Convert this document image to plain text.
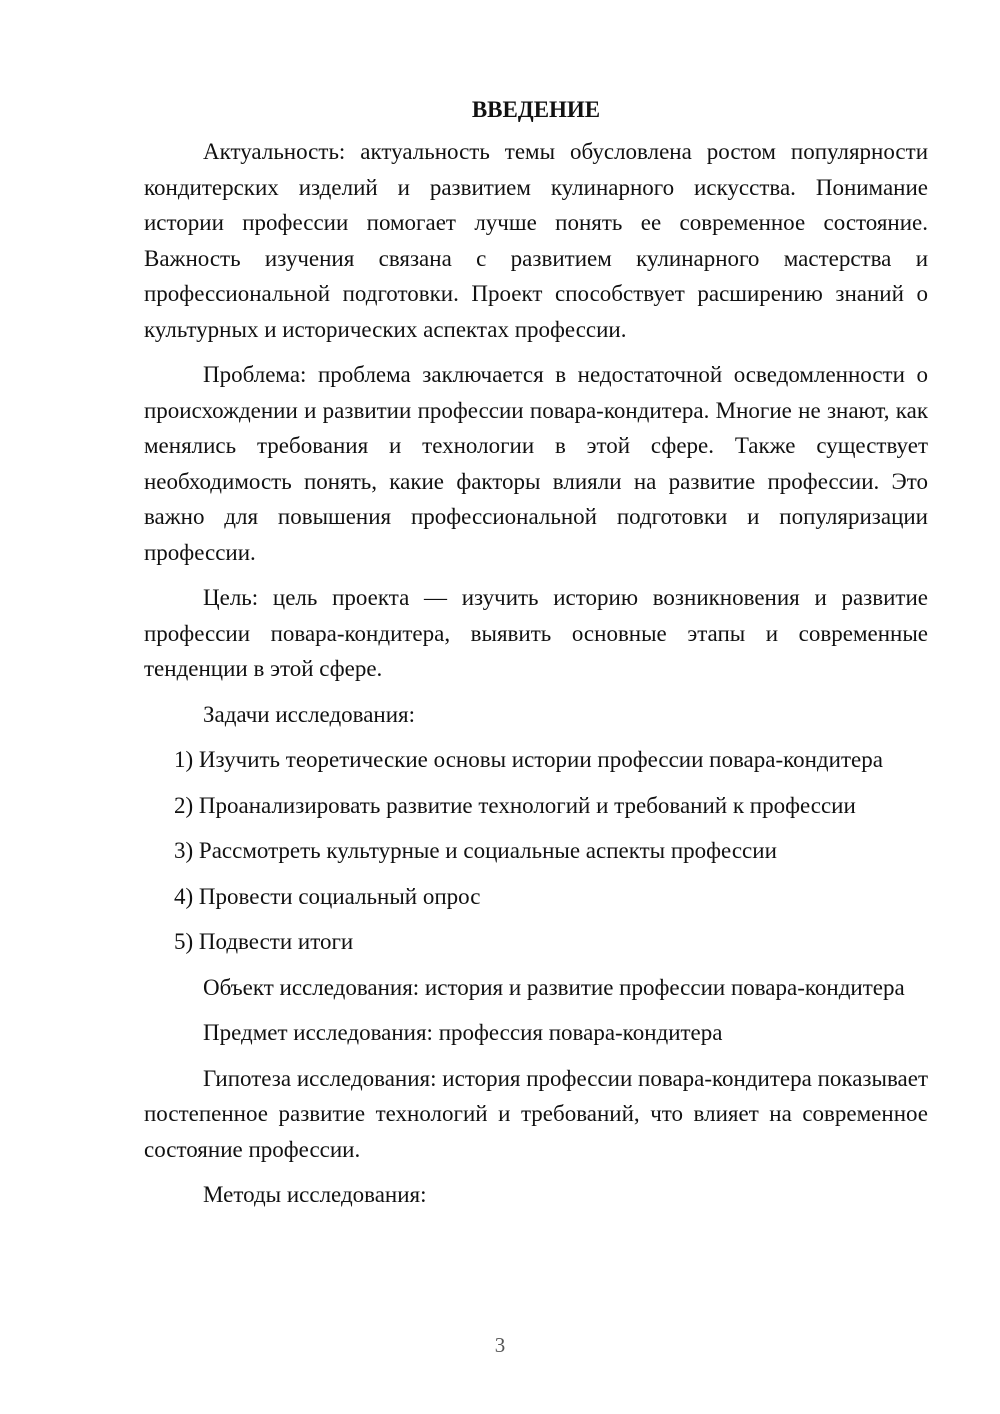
ВВЕДЕНИЕ

Актуальность: актуальность темы обусловлена ростом популярности кондитерских изделий и развитием кулинарного искусства. Понимание истории профессии помогает лучше понять ее современное состояние. Важность изучения связана с развитием кулинарного мастерства и профессиональной подготовки. Проект способствует расширению знаний о культурных и исторических аспектах профессии.

Проблема: проблема заключается в недостаточной осведомленности о происхождении и развитии профессии повара-кондитера. Многие не знают, как менялись требования и технологии в этой сфере. Также существует необходимость понять, какие факторы влияли на развитие профессии. Это важно для повышения профессиональной подготовки и популяризации профессии.

Цель: цель проекта — изучить историю возникновения и развитие профессии повара-кондитера, выявить основные этапы и современные тенденции в этой сфере.

Задачи исследования:

1) Изучить теоретические основы истории профессии повара-кондитера

2) Проанализировать развитие технологий и требований к профессии

3) Рассмотреть культурные и социальные аспекты профессии

4) Провести социальный опрос

5) Подвести итоги

Объект исследования: история и развитие профессии повара-кондитера

Предмет исследования: профессия повара-кондитера

Гипотеза исследования: история профессии повара-кондитера показывает постепенное развитие технологий и требований, что влияет на современное состояние профессии.

Методы исследования:

3
